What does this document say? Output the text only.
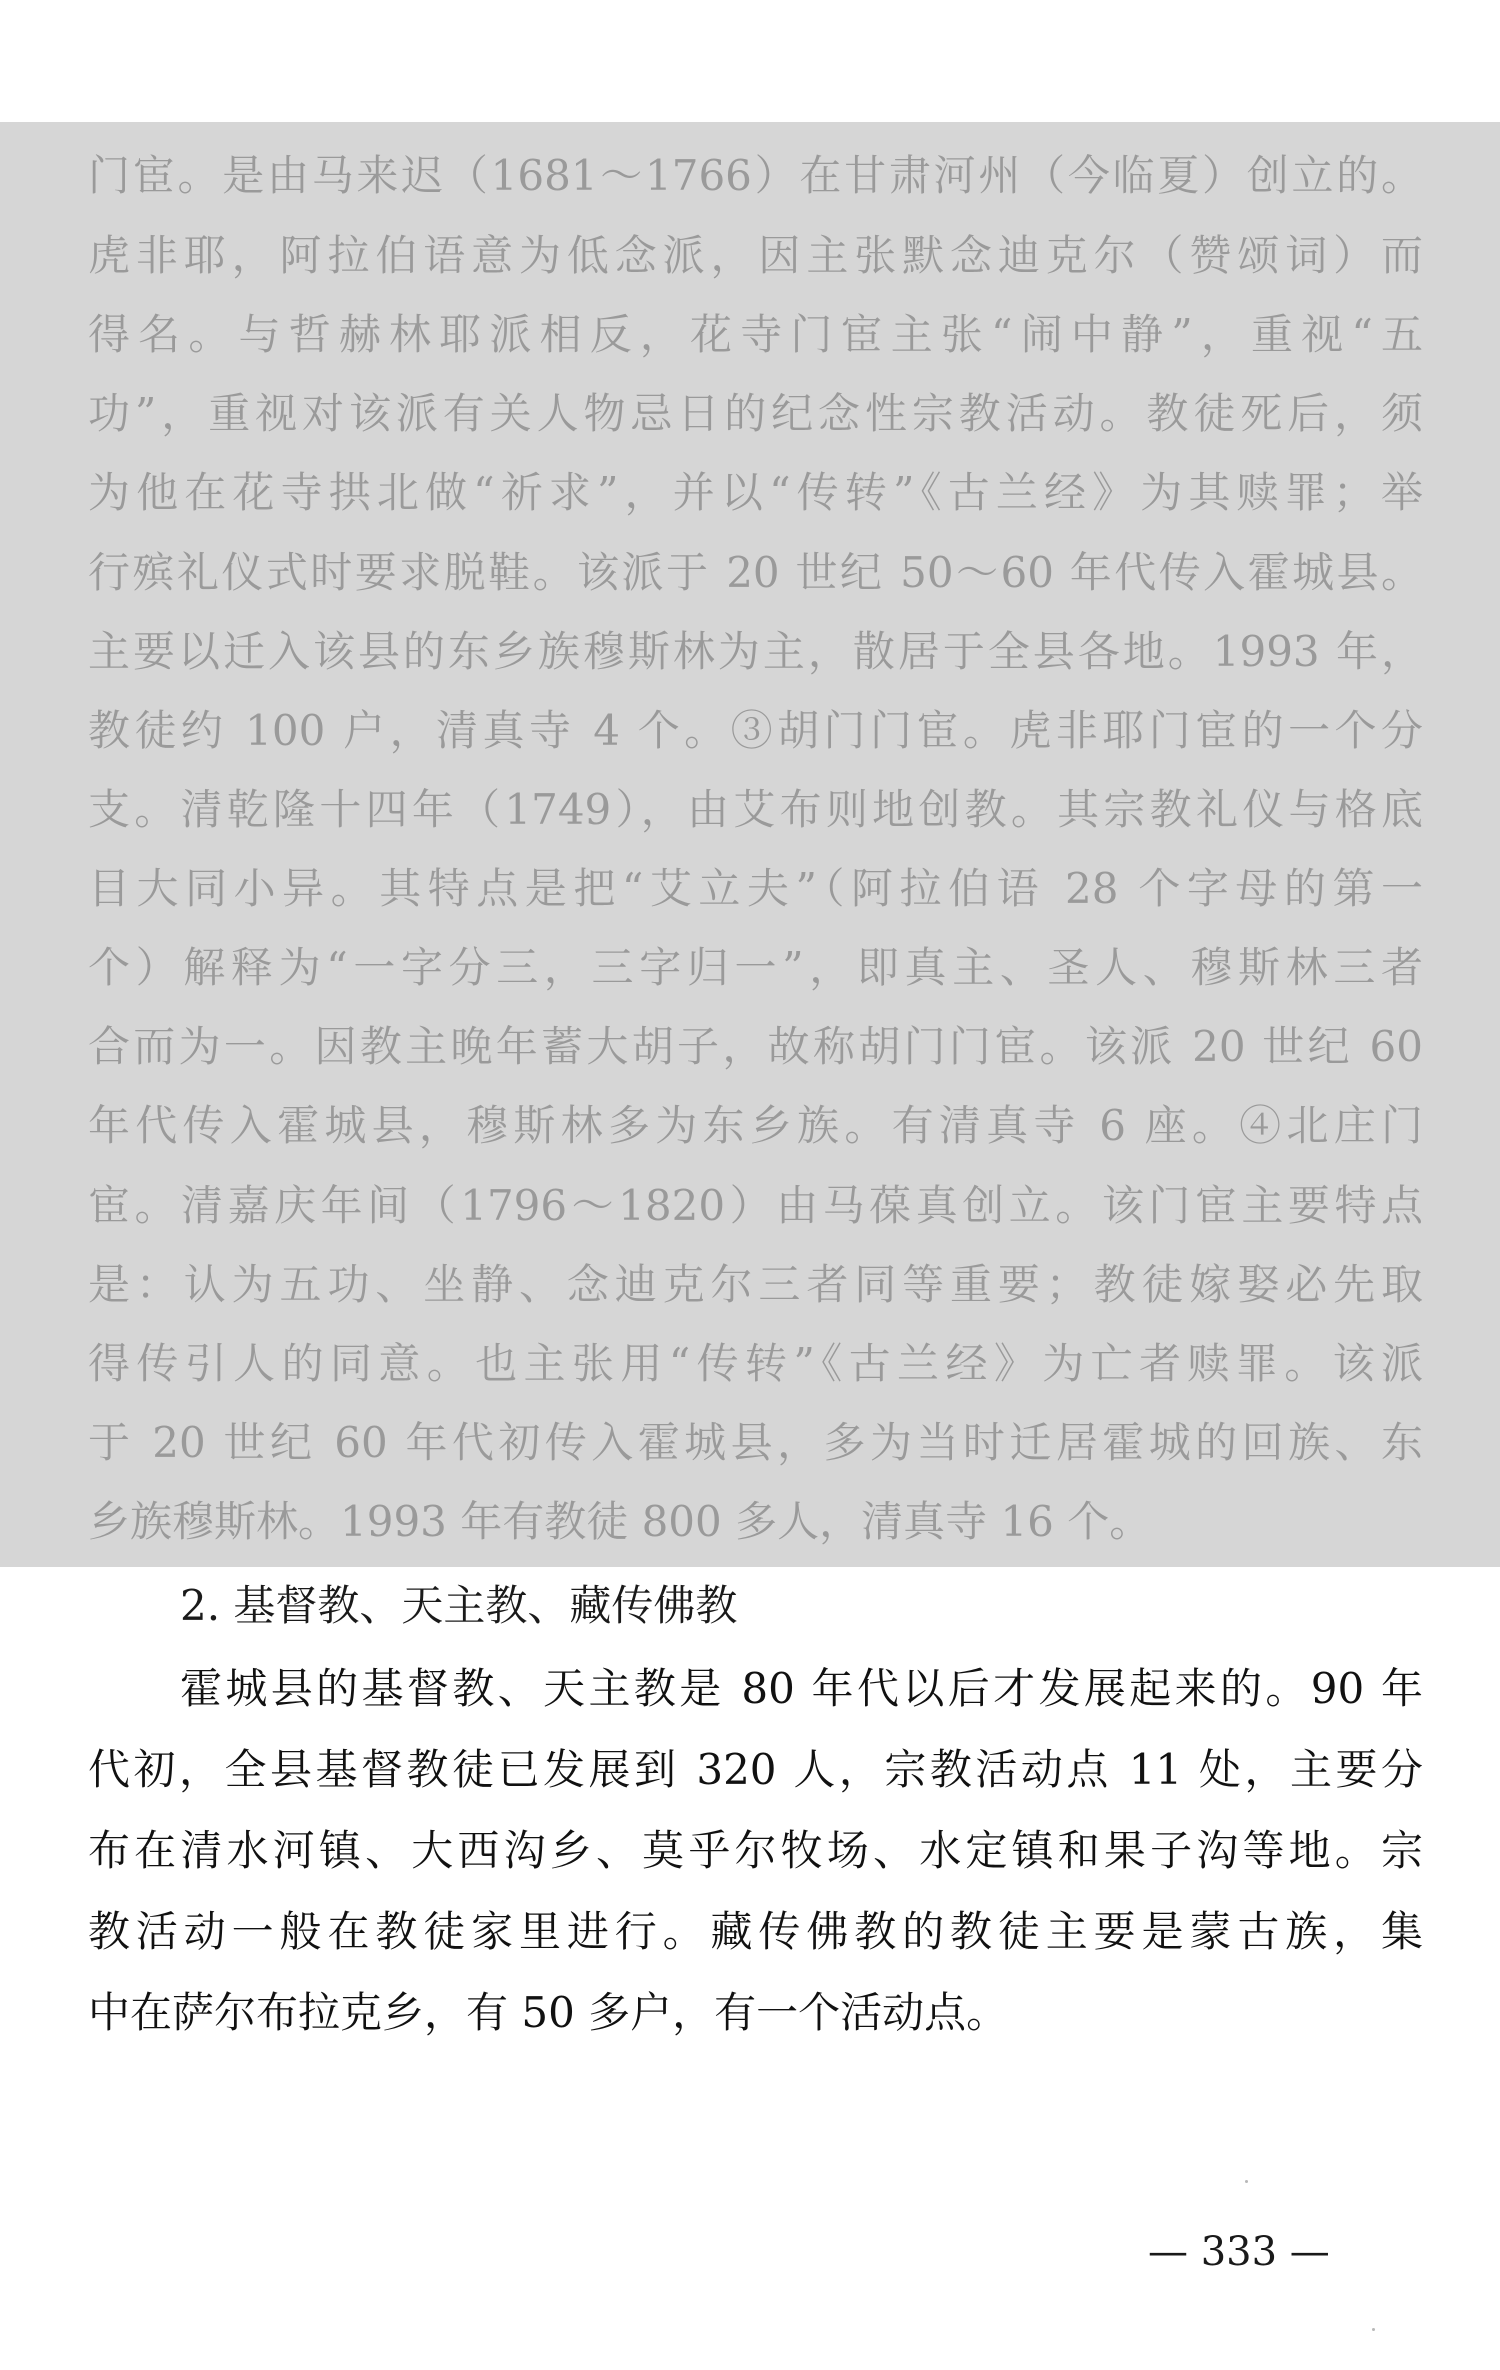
门宦。是由马来迟（1681～1766）在甘肃河州（今临夏）创立的。
虎非耶，阿拉伯语意为低念派，因主张默念迪克尔（赞颂词）而
得名。与哲赫林耶派相反，花寺门宦主张“闹中静”，重视“五
功”，重视对该派有关人物忌日的纪念性宗教活动。教徒死后，须
为他在花寺拱北做“祈求”，并以“传转”《古兰经》为其赎罪；举
行殡礼仪式时要求脱鞋。该派于 20 世纪 50～60 年代传入霍城县。
主要以迁入该县的东乡族穆斯林为主，散居于全县各地。1993 年，
教徒约 100 户，清真寺 4 个。③胡门门宦。虎非耶门宦的一个分
支。清乾隆十四年（1749），由艾布则地创教。其宗教礼仪与格底
目大同小异。其特点是把“艾立夫”（阿拉伯语 28 个字母的第一
个）解释为“一字分三，三字归一”，即真主、圣人、穆斯林三者
合而为一。因教主晚年蓄大胡子，故称胡门门宦。该派 20 世纪 60
年代传入霍城县，穆斯林多为东乡族。有清真寺 6 座。④北庄门
宦。清嘉庆年间（1796～1820）由马葆真创立。该门宦主要特点
是：认为五功、坐静、念迪克尔三者同等重要；教徒嫁娶必先取
得传引人的同意。也主张用“传转”《古兰经》为亡者赎罪。该派
于 20 世纪 60 年代初传入霍城县，多为当时迁居霍城的回族、东
乡族穆斯林。1993 年有教徒 800 多人，清真寺 16 个。
2. 基督教、天主教、藏传佛教
霍城县的基督教、天主教是 80 年代以后才发展起来的。90 年
代初，全县基督教徒已发展到 320 人，宗教活动点 11 处，主要分
布在清水河镇、大西沟乡、莫乎尔牧场、水定镇和果子沟等地。宗
教活动一般在教徒家里进行。藏传佛教的教徒主要是蒙古族，集
中在萨尔布拉克乡，有 50 多户，有一个活动点。
— 333 —
